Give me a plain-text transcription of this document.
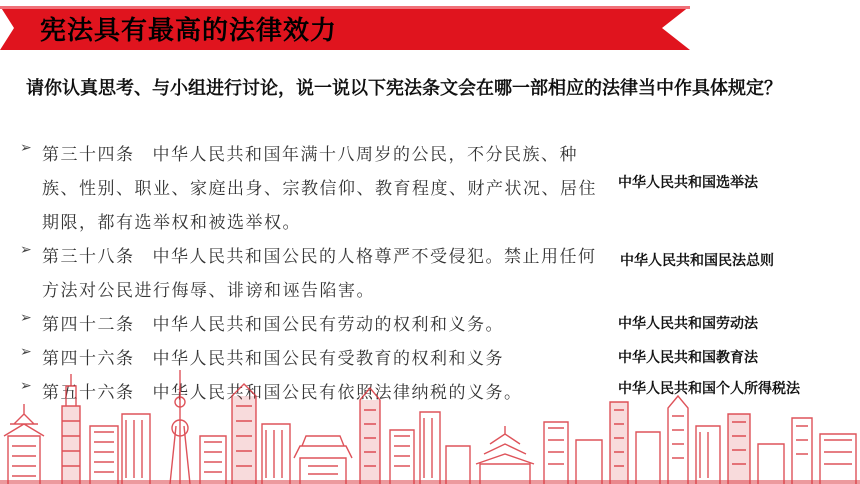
宪法具有最高的法律效力
请你认真思考、与小组进行讨论，说一说以下宪法条文会在哪一部相应的法律当中作具体规定？
➢ 第三十四条 中华人民共和国年满十八周岁的公民，不分民族、种族、性别、职业、家庭出身、宗教信仰、教育程度、财产状况、居住期限，都有选举权和被选举权。

➢ 第三十八条 中华人民共和国公民的人格尊严不受侵犯。禁止用任何方法对公民进行侮辱、诽谤和诬告陷害。

➢ 第四十二条 中华人民共和国公民有劳动的权利和义务。

➢ 第四十六条 中华人民共和国公民有受教育的权利和义务

➢ 第五十六条 中华人民共和国公民有依照法律纳税的义务。

中华人民共和国选举法
中华人民共和国民法总则
中华人民共和国劳动法
中华人民共和国教育法
中华人民共和国个人所得税法
